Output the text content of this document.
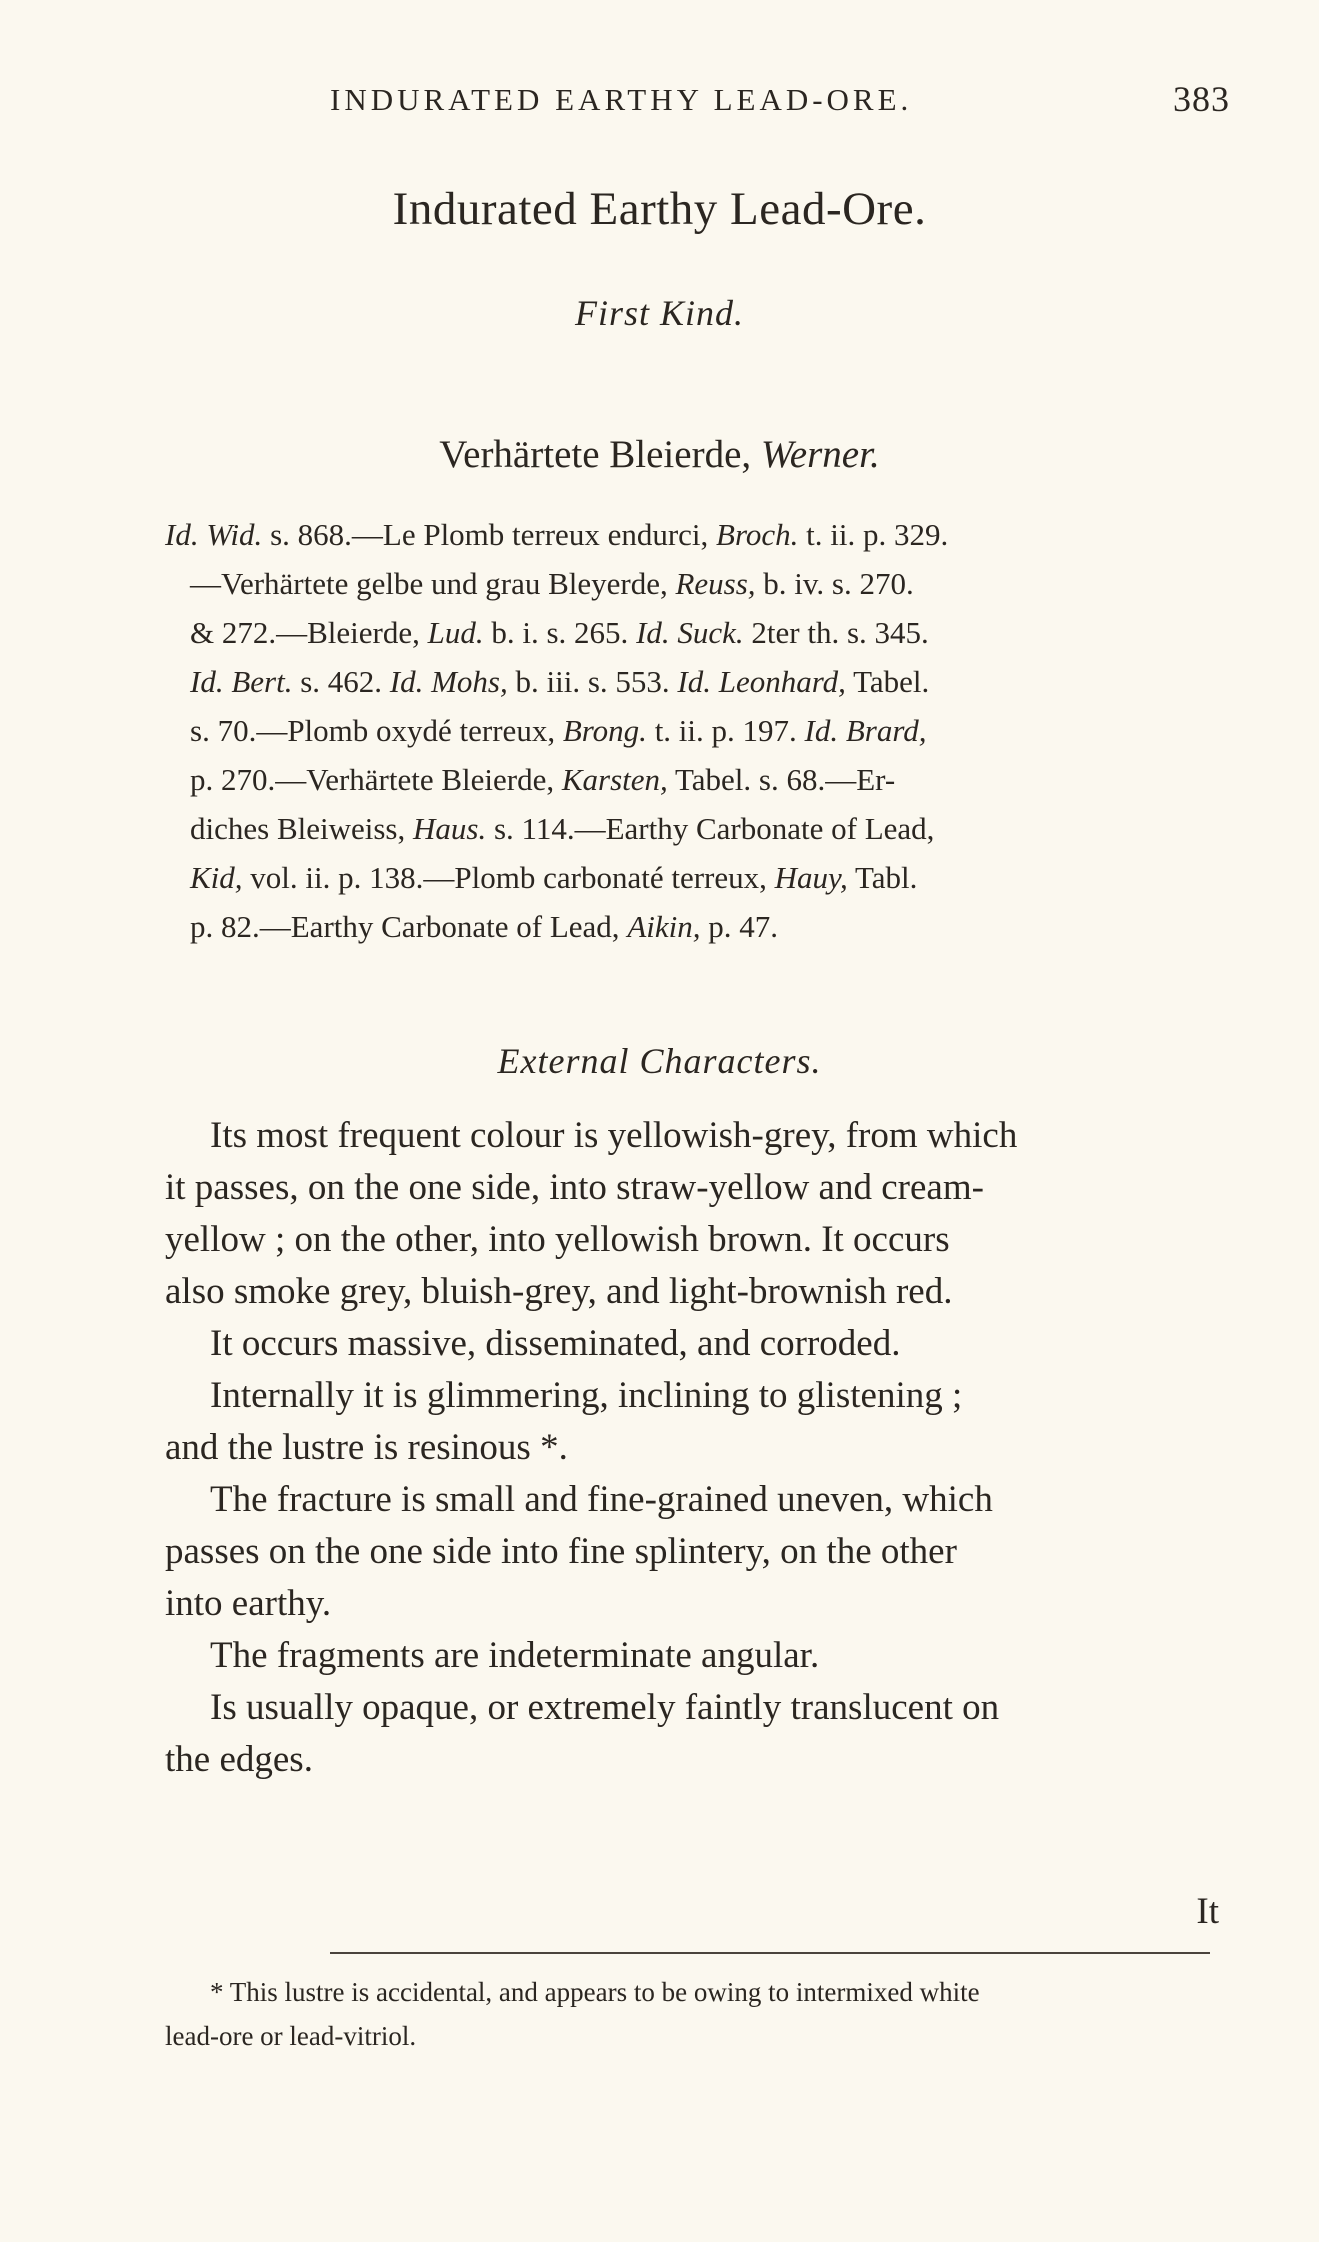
INDURATED EARTHY LEAD-ORE.	383
Indurated Earthy Lead-Ore.
First Kind.
Verhärtete Bleierde, Werner.
Id. Wid. s. 868.—Le Plomb terreux endurci, Broch. t. ii. p. 329.
—Verhärtete gelbe und grau Bleyerde, Reuss, b. iv. s. 270.
& 272.—Bleierde, Lud. b. i. s. 265. Id. Suck. 2ter th. s. 345.
Id. Bert. s. 462. Id. Mohs, b. iii. s. 553. Id. Leonhard, Tabel.
s. 70.—Plomb oxydé terreux, Brong. t. ii. p. 197. Id. Brard,
p. 270.—Verhärtete Bleierde, Karsten, Tabel. s. 68.—Er-
diches Bleiweiss, Haus. s. 114.—Earthy Carbonate of Lead,
Kid, vol. ii. p. 138.—Plomb carbonaté terreux, Hauy, Tabl.
p. 82.—Earthy Carbonate of Lead, Aikin, p. 47.
External Characters.
Its most frequent colour is yellowish-grey, from which
it passes, on the one side, into straw-yellow and cream-
yellow ; on the other, into yellowish brown. It occurs
also smoke grey, bluish-grey, and light-brownish red.
It occurs massive, disseminated, and corroded.
Internally it is glimmering, inclining to glistening ;
and the lustre is resinous *.
The fracture is small and fine-grained uneven, which
passes on the one side into fine splintery, on the other
into earthy.
The fragments are indeterminate angular.
Is usually opaque, or extremely faintly translucent on
the edges.
It
* This lustre is accidental, and appears to be owing to intermixed white
lead-ore or lead-vitriol.
